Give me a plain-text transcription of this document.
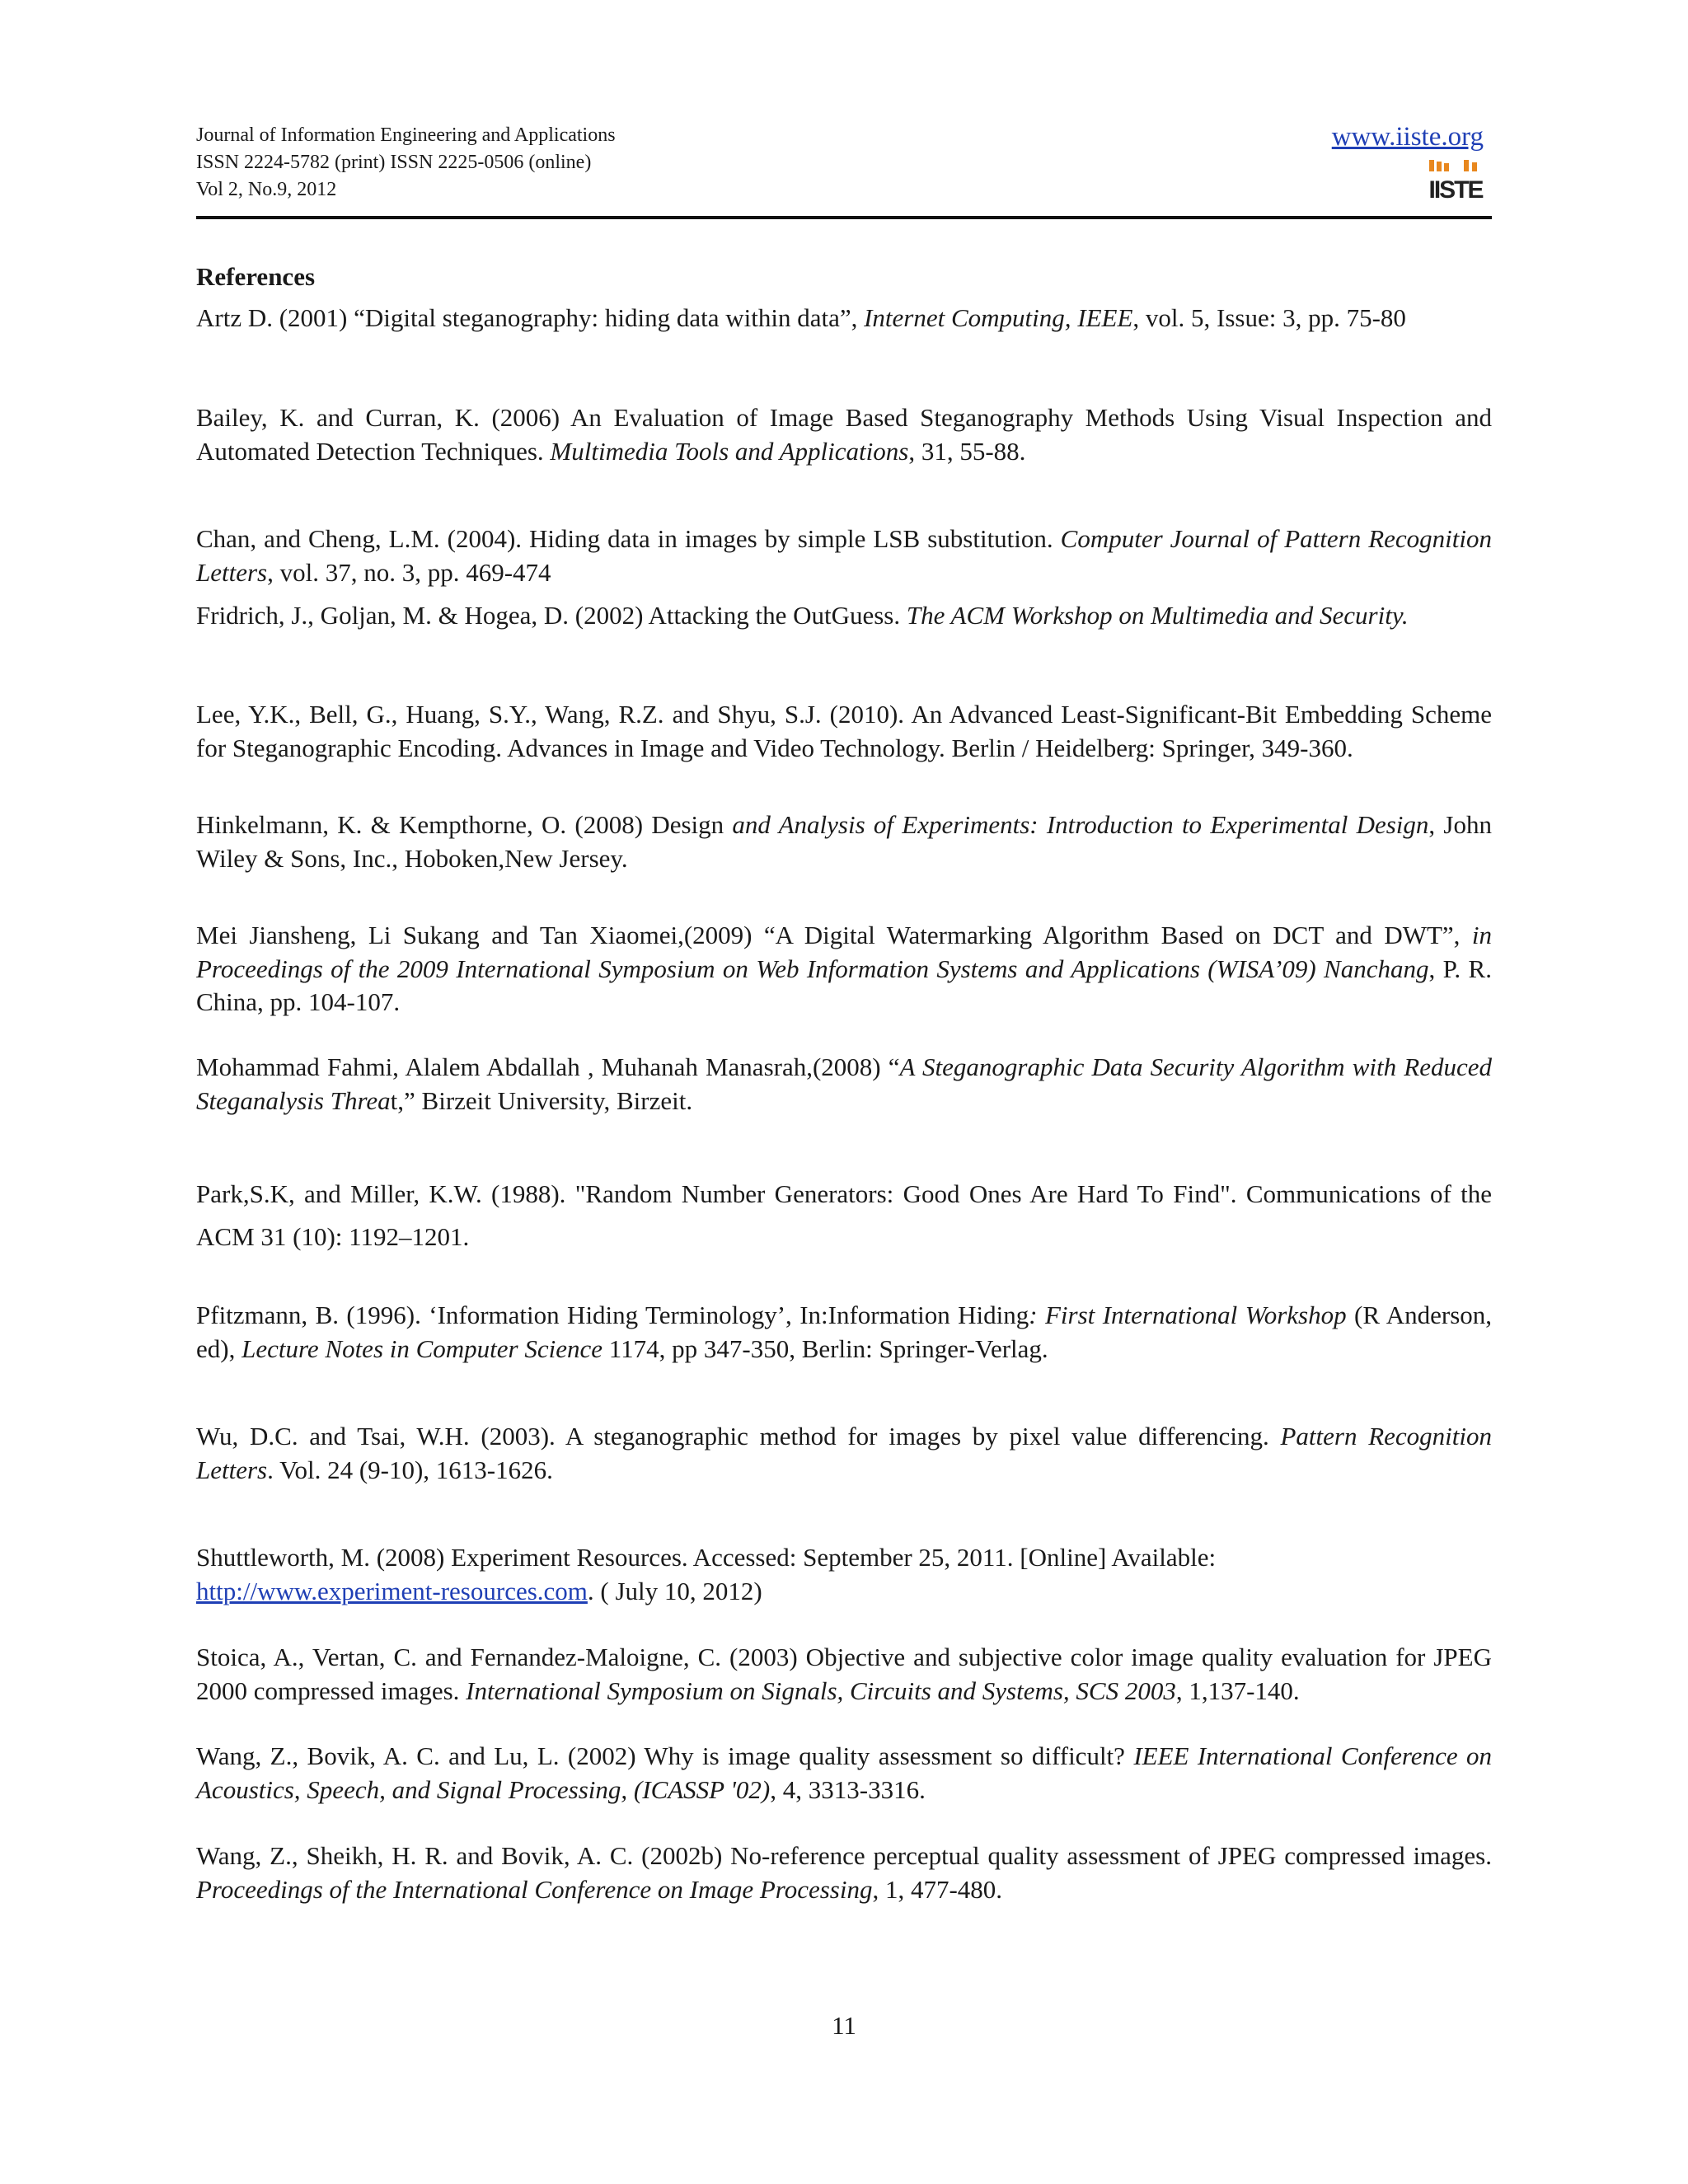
Journal of Information Engineering and Applications
ISSN 2224-5782 (print) ISSN 2225-0506 (online)
Vol 2, No.9, 2012
www.iiste.org
IISTE
References
Artz D. (2001) “Digital steganography: hiding data within data”, Internet Computing, IEEE, vol. 5, Issue: 3, pp. 75-80
Bailey, K. and Curran, K. (2006) An Evaluation of Image Based Steganography Methods Using Visual Inspection and Automated Detection Techniques. Multimedia Tools and Applications, 31, 55-88.
Chan, and Cheng, L.M. (2004). Hiding data in images by simple LSB substitution. Computer Journal of Pattern Recognition Letters, vol. 37, no. 3, pp. 469-474
Fridrich, J., Goljan, M. & Hogea, D. (2002) Attacking the OutGuess. The ACM Workshop on Multimedia and Security.
Lee, Y.K., Bell, G., Huang, S.Y., Wang, R.Z. and Shyu, S.J. (2010). An Advanced Least-Significant-Bit Embedding Scheme for Steganographic Encoding. Advances in Image and Video Technology. Berlin / Heidelberg: Springer, 349-360.
Hinkelmann, K. & Kempthorne, O. (2008) Design and Analysis of Experiments: Introduction to Experimental Design, John Wiley & Sons, Inc., Hoboken,New Jersey.
Mei Jiansheng, Li Sukang and Tan Xiaomei,(2009) “A Digital Watermarking Algorithm Based on DCT and DWT”, in Proceedings of the 2009 International Symposium on Web Information Systems and Applications (WISA’09) Nanchang, P. R. China, pp. 104-107.
Mohammad Fahmi, Alalem Abdallah , Muhanah Manasrah,(2008) “A Steganographic Data Security Algorithm with Reduced Steganalysis Threat,” Birzeit University, Birzeit.
Park,S.K, and Miller, K.W. (1988). "Random Number Generators: Good Ones Are Hard To Find". Communications of the ACM 31 (10): 1192–1201.
Pfitzmann, B. (1996). ‘Information Hiding Terminology’, In:Information Hiding: First International Workshop (R Anderson, ed), Lecture Notes in Computer Science 1174, pp 347-350, Berlin: Springer-Verlag.
Wu, D.C. and Tsai, W.H. (2003). A steganographic method for images by pixel value differencing. Pattern Recognition Letters. Vol. 24 (9-10), 1613-1626.
Shuttleworth, M. (2008) Experiment Resources. Accessed: September 25, 2011. [Online] Available:
http://www.experiment-resources.com. ( July 10, 2012)
Stoica, A., Vertan, C. and Fernandez-Maloigne, C. (2003) Objective and subjective color image quality evaluation for JPEG 2000 compressed images. International Symposium on Signals, Circuits and Systems, SCS 2003, 1,137-140.
Wang, Z., Bovik, A. C. and Lu, L. (2002) Why is image quality assessment so difficult? IEEE International Conference on Acoustics, Speech, and Signal Processing, (ICASSP '02), 4, 3313-3316.
Wang, Z., Sheikh, H. R. and Bovik, A. C. (2002b) No-reference perceptual quality assessment of JPEG compressed images. Proceedings of the International Conference on Image Processing, 1, 477-480.
11
